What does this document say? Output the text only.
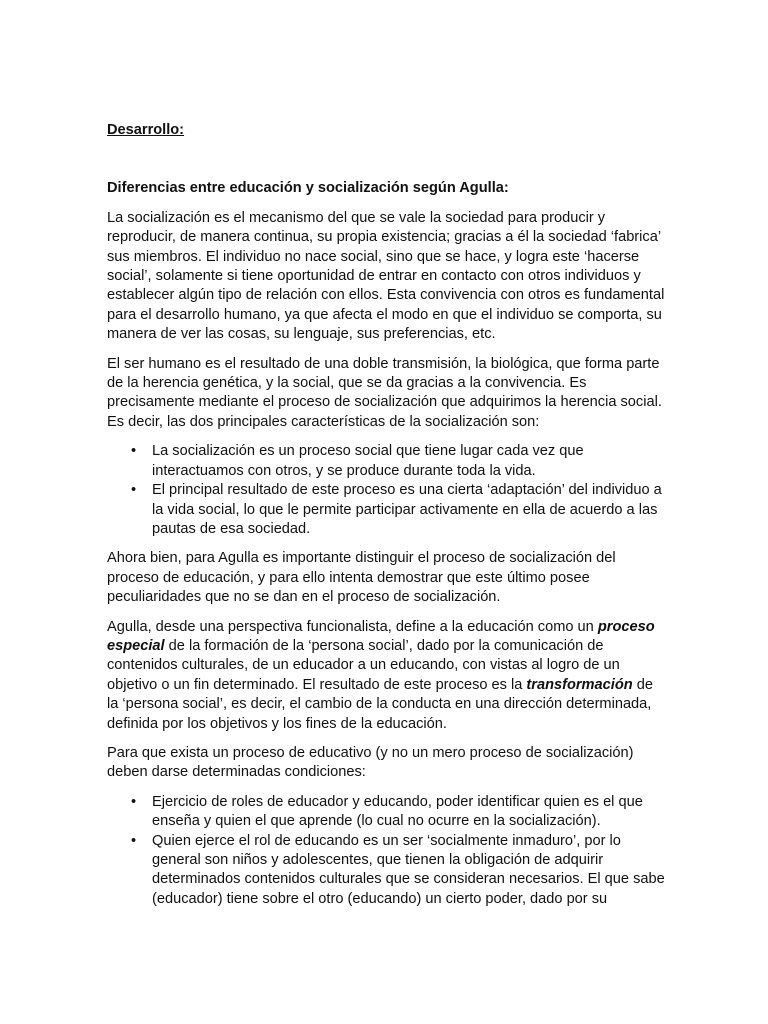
Desarrollo:

Diferencias entre educación y socialización según Agulla:

La socialización es el mecanismo del que se vale la sociedad para producir y reproducir, de manera continua, su propia existencia; gracias a él la sociedad ‘fabrica’ sus miembros. El individuo no nace social, sino que se hace, y logra este ‘hacerse social’, solamente si tiene oportunidad de entrar en contacto con otros individuos y establecer algún tipo de relación con ellos. Esta convivencia con otros es fundamental para el desarrollo humano, ya que afecta el modo en que el individuo se comporta, su manera de ver las cosas, su lenguaje, sus preferencias, etc.

El ser humano es el resultado de una doble transmisión, la biológica, que forma parte de la herencia genética, y la social, que se da gracias a la convivencia. Es precisamente mediante el proceso de socialización que adquirimos la herencia social. Es decir, las dos principales características de la socialización son:

• La socialización es un proceso social que tiene lugar cada vez que interactuamos con otros, y se produce durante toda la vida.
• El principal resultado de este proceso es una cierta ‘adaptación’ del individuo a la vida social, lo que le permite participar activamente en ella de acuerdo a las pautas de esa sociedad.

Ahora bien, para Agulla es importante distinguir el proceso de socialización del proceso de educación, y para ello intenta demostrar que este último posee peculiaridades que no se dan en el proceso de socialización.

Agulla, desde una perspectiva funcionalista, define a la educación como un proceso especial de la formación de la ‘persona social’, dado por la comunicación de contenidos culturales, de un educador a un educando, con vistas al logro de un objetivo o un fin determinado. El resultado de este proceso es la transformación de la ‘persona social’, es decir, el cambio de la conducta en una dirección determinada, definida por los objetivos y los fines de la educación.

Para que exista un proceso de educativo (y no un mero proceso de socialización) deben darse determinadas condiciones:

• Ejercicio de roles de educador y educando, poder identificar quien es el que enseña y quien el que aprende (lo cual no ocurre en la socialización).
• Quien ejerce el rol de educando es un ser ‘socialmente inmaduro’, por lo general son niños y adolescentes, que tienen la obligación de adquirir determinados contenidos culturales que se consideran necesarios. El que sabe (educador) tiene sobre el otro (educando) un cierto poder, dado por su
